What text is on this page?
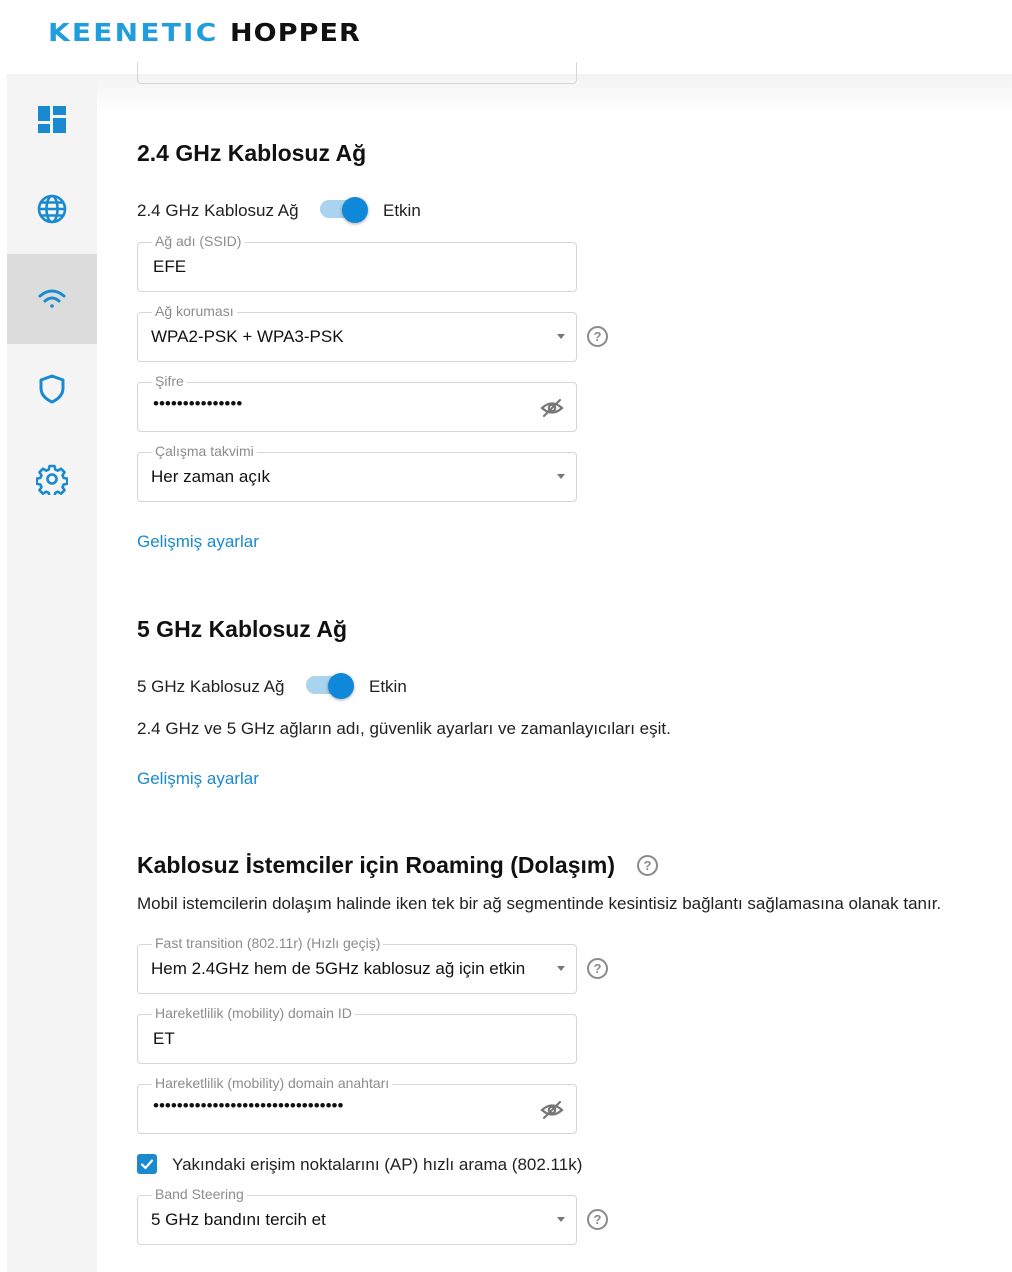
KEENETIC HOPPER
2.4 GHz Kablosuz Ağ
2.4 GHz Kablosuz Ağ	Etkin
Ağ adı (SSID)
EFE
Ağ koruması
WPA2-PSK + WPA3-PSK	?
Şifre
•••••••••••••••
Çalışma takvimi
Her zaman açık
Gelişmiş ayarlar
5 GHz Kablosuz Ağ
5 GHz Kablosuz Ağ	Etkin
2.4 GHz ve 5 GHz ağların adı, güvenlik ayarları ve zamanlayıcıları eşit.
Gelişmiş ayarlar
Kablosuz İstemciler için Roaming (Dolaşım)	?
Mobil istemcilerin dolaşım halinde iken tek bir ağ segmentinde kesintisiz bağlantı sağlamasına olanak tanır.
Fast transition (802.11r) (Hızlı geçiş)
Hem 2.4GHz hem de 5GHz kablosuz ağ için etkin	?
Hareketlilik (mobility) domain ID
ET
Hareketlilik (mobility) domain anahtarı
••••••••••••••••••••••••••••••••
Yakındaki erişim noktalarını (AP) hızlı arama (802.11k)
Band Steering
5 GHz bandını tercih et	?
